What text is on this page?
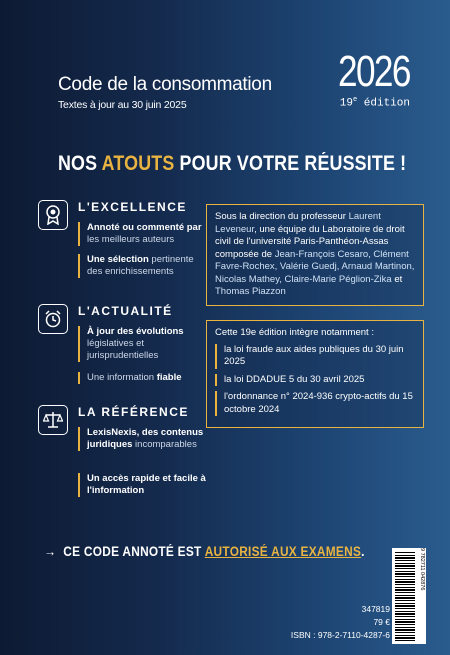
Code de la consommation
Textes à jour au 30 juin 2025
2026
19e édition
NOS ATOUTS POUR VOTRE RÉUSSITE !
L'EXCELLENCE
Annoté ou commenté par les meilleurs auteurs
Une sélection pertinente des enrichissements
L'ACTUALITÉ
À jour des évolutions législatives et jurisprudentielles
Une information fiable
LA RÉFÉRENCE
LexisNexis, des contenus juridiques incomparables
Un accès rapide et facile à l'information
Sous la direction du professeur Laurent Leveneur, une équipe du Laboratoire de droit civil de l'université Paris-Panthéon-Assas composée de Jean-François Cesaro, Clément Favre-Rochex, Valérie Guedj, Arnaud Martinon, Nicolas Mathey, Claire-Marie Péglion-Zika et Thomas Piazzon
Cette 19e édition intègre notamment :
la loi fraude aux aides publiques du 30 juin 2025
la loi DDADUE 5 du 30 avril 2025
l'ordonnance n° 2024-936 crypto-actifs du 15 octobre 2024
→  CE CODE ANNOTÉ EST AUTORISÉ AUX EXAMENS.
347819
79 €
ISBN : 978-2-7110-4287-6
9 782711 042876
